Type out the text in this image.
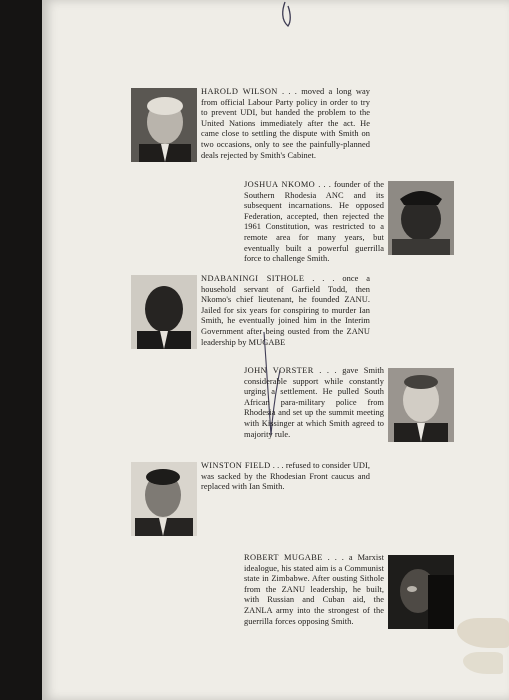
HAROLD WILSON . . . moved a long way from official Labour Party policy in order to try to prevent UDI, but handed the problem to the United Nations immediately after the act. He came close to settling the dispute with Smith on two occasions, only to see the painfully-planned deals rejected by Smith's Cabinet.
JOSHUA NKOMO . . . founder of the Southern Rhodesia ANC and its subsequent incarnations. He opposed Federation, accepted, then rejected the 1961 Constitution, was restricted to a remote area for many years, but eventually built a powerful guerrilla force to challenge Smith.
NDABANINGI SITHOLE . . . once a household servant of Garfield Todd, then Nkomo's chief lieutenant, he founded ZANU. Jailed for six years for conspiring to murder Ian Smith, he eventually joined him in the Interim Government after being ousted from the ZANU leadership by MUGABE
JOHN VORSTER . . . gave Smith considerable support while constantly urging a settlement. He pulled South African para-military police from Rhodesia and set up the summit meeting with Kissinger at which Smith agreed to majority rule.
WINSTON FIELD . . . refused to consider UDI, was sacked by the Rhodesian Front caucus and replaced with Ian Smith.
ROBERT MUGABE . . . a Marxist idealogue, his stated aim is a Communist state in Zimbabwe. After ousting Sithole from the ZANU leadership, he built, with Russian and Cuban aid, the ZANLA army into the strongest of the guerrilla forces opposing Smith.
